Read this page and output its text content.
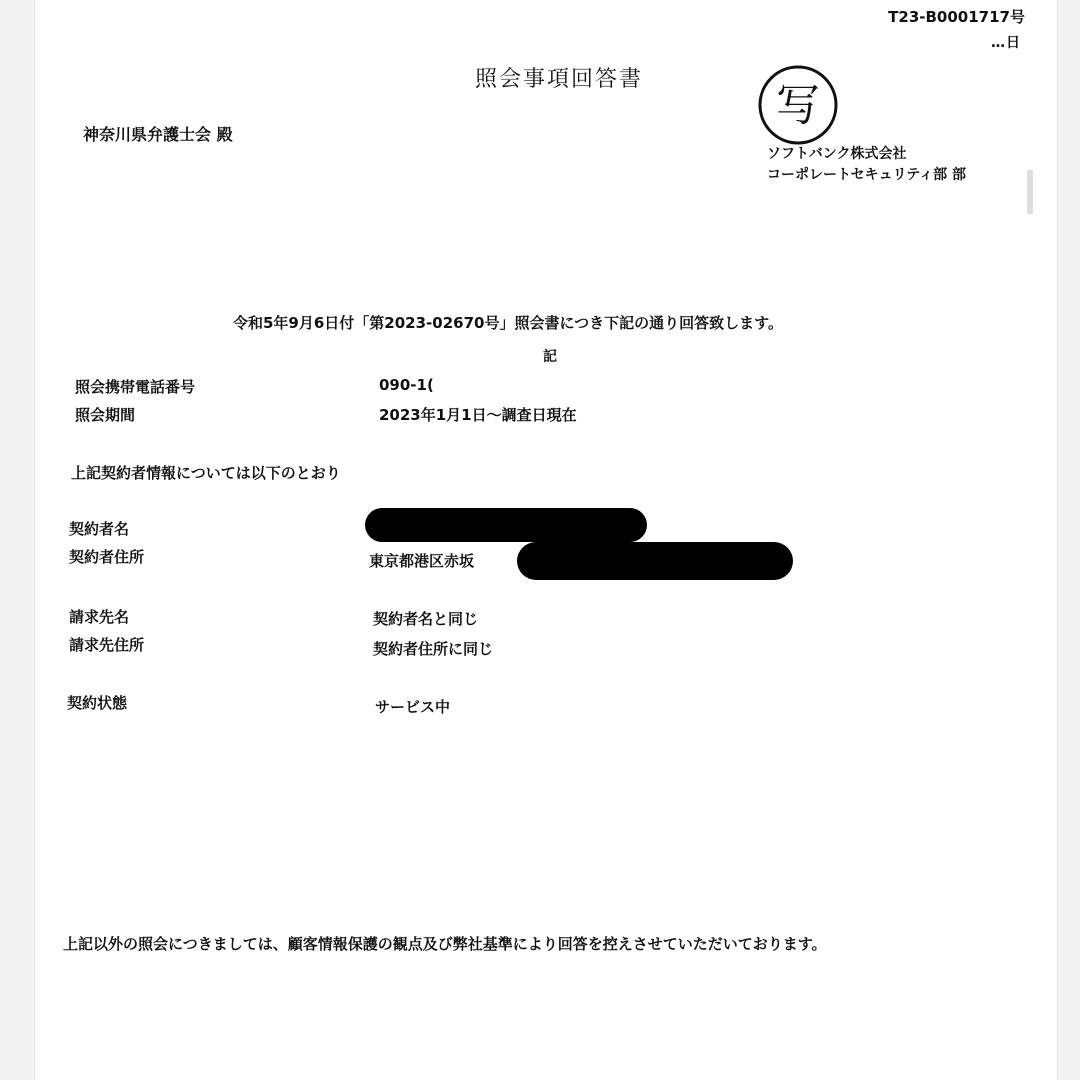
T23-B0001717号
…日
照会事項回答書
神奈川県弁護士会 殿
写
ソフトバンク株式会社
コーポレートセキュリティ部 部
令和5年9月6日付「第2023-02670号」照会書につき下記の通り回答致します。
記
照会携帯電話番号	090-1(
照会期間	2023年1月1日〜調査日現在
上記契約者情報については以下のとおり
契約者名
契約者住所	東京都港区赤坂
請求先名	契約者名と同じ
請求先住所	契約者住所に同じ
契約状態	サービス中
上記以外の照会につきましては、顧客情報保護の観点及び弊社基準により回答を控えさせていただいております。
